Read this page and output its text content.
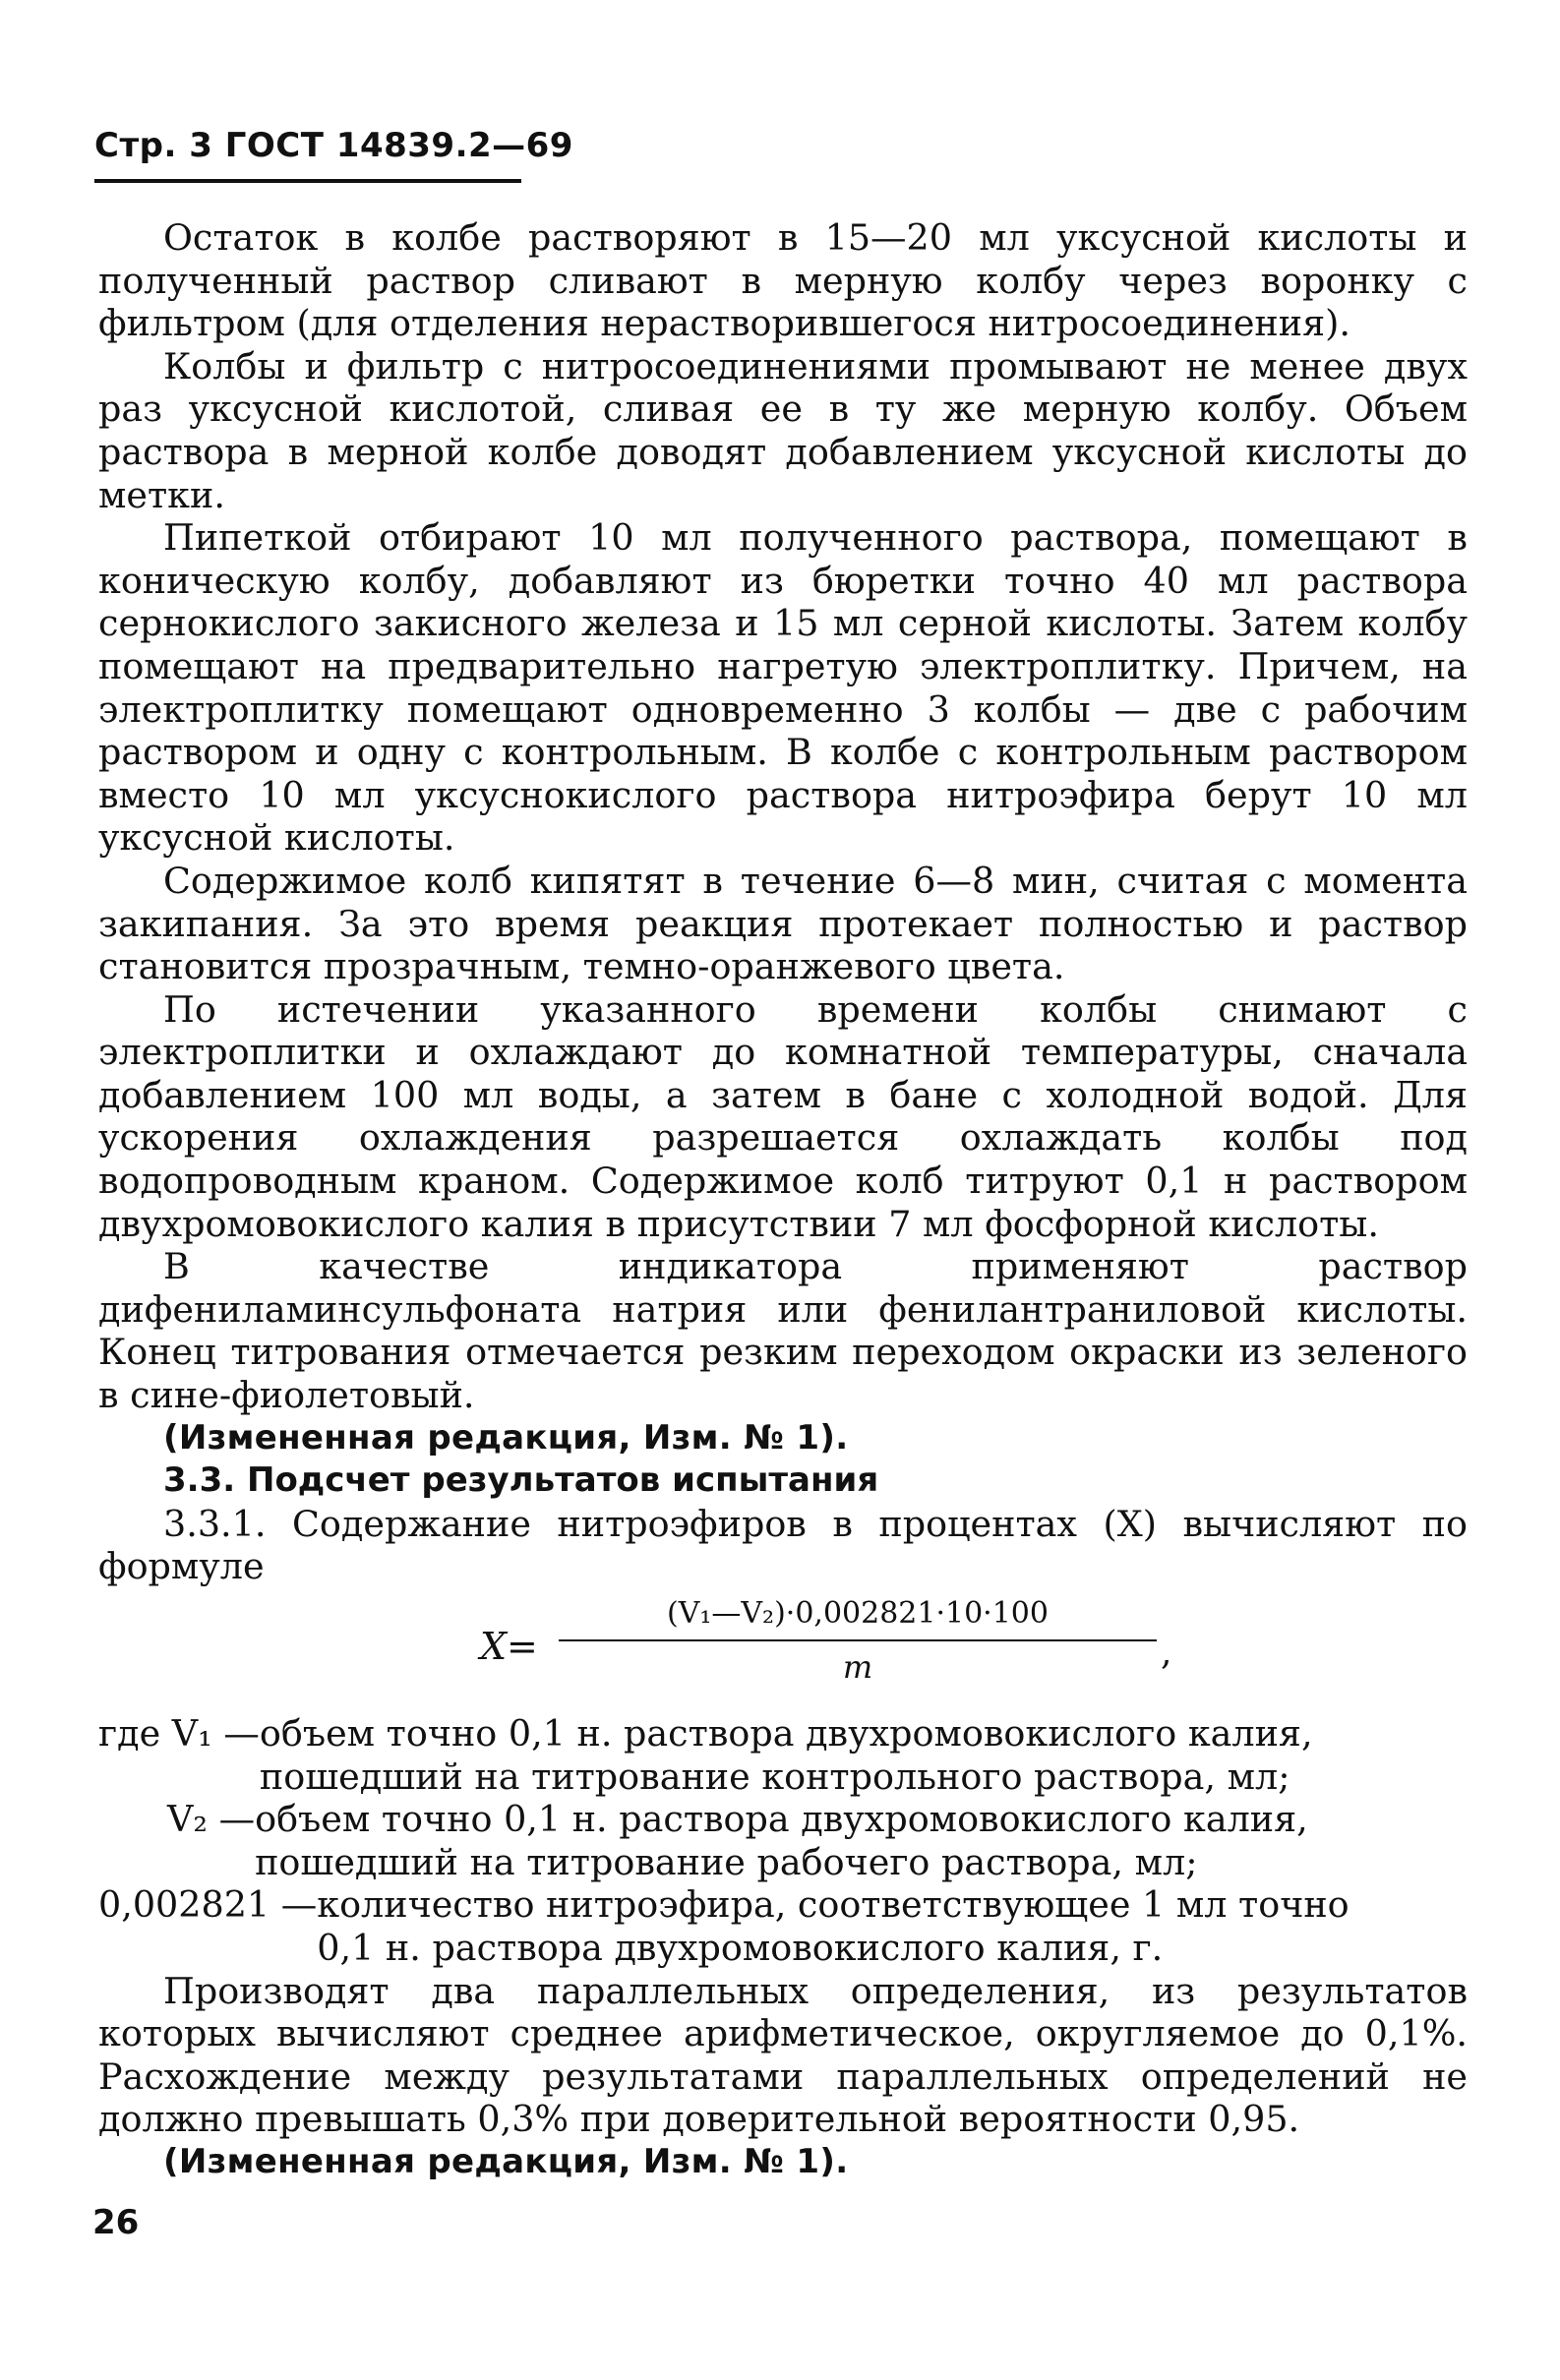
Стр. 3 ГОСТ 14839.2—69

Остаток в колбе растворяют в 15—20 мл уксусной кислоты и полученный раствор сливают в мерную колбу через воронку с фильтром (для отделения нерастворившегося нитросоединения).

Колбы и фильтр с нитросоединениями промывают не менее двух раз уксусной кислотой, сливая ее в ту же мерную колбу. Объем раствора в мерной колбе доводят добавлением уксусной кислоты до метки.

Пипеткой отбирают 10 мл полученного раствора, помещают в коническую колбу, добавляют из бюретки точно 40 мл раствора сернокислого закисного железа и 15 мл серной кислоты. Затем колбу помещают на предварительно нагретую электроплитку. Причем, на электроплитку помещают одновременно 3 колбы — две с рабочим раствором и одну с контрольным. В колбе с контрольным раствором вместо 10 мл уксуснокислого раствора нитроэфира берут 10 мл уксусной кислоты.

Содержимое колб кипятят в течение 6—8 мин, считая с момента закипания. За это время реакция протекает полностью и раствор становится прозрачным, темно-оранжевого цвета.

По истечении указанного времени колбы снимают с электроплитки и охлаждают до комнатной температуры, сначала добавлением 100 мл воды, а затем в бане с холодной водой. Для ускорения охлаждения разрешается охлаждать колбы под водопроводным краном. Содержимое колб титруют 0,1 н раствором двухромовокислого калия в присутствии 7 мл фосфорной кислоты.

В качестве индикатора применяют раствор дифениламинсульфоната натрия или фенилантраниловой кислоты. Конец титрования отмечается резким переходом окраски из зеленого в сине-фиолетовый.

(Измененная редакция, Изм. № 1).

3.3. Подсчет результатов испытания

3.3.1. Содержание нитроэфиров в процентах (X) вычисляют по формуле

X=
(V₁—V₂)·0,002821·10·100
m	,
где V₁ — объем точно 0,1 н. раствора двухромовокислого калия,
пошедший на титрование контрольного раствора, мл;
V₂ — объем точно 0,1 н. раствора двухромовокислого калия,
пошедший на титрование рабочего раствора, мл;
0,002821 — количество нитроэфира, соответствующее 1 мл точно
0,1 н. раствора двухромовокислого калия, г.

Производят два параллельных определения, из результатов которых вычисляют среднее арифметическое, округляемое до 0,1%. Расхождение между результатами параллельных определений не должно превышать 0,3% при доверительной вероятности 0,95.

(Измененная редакция, Изм. № 1).

26
